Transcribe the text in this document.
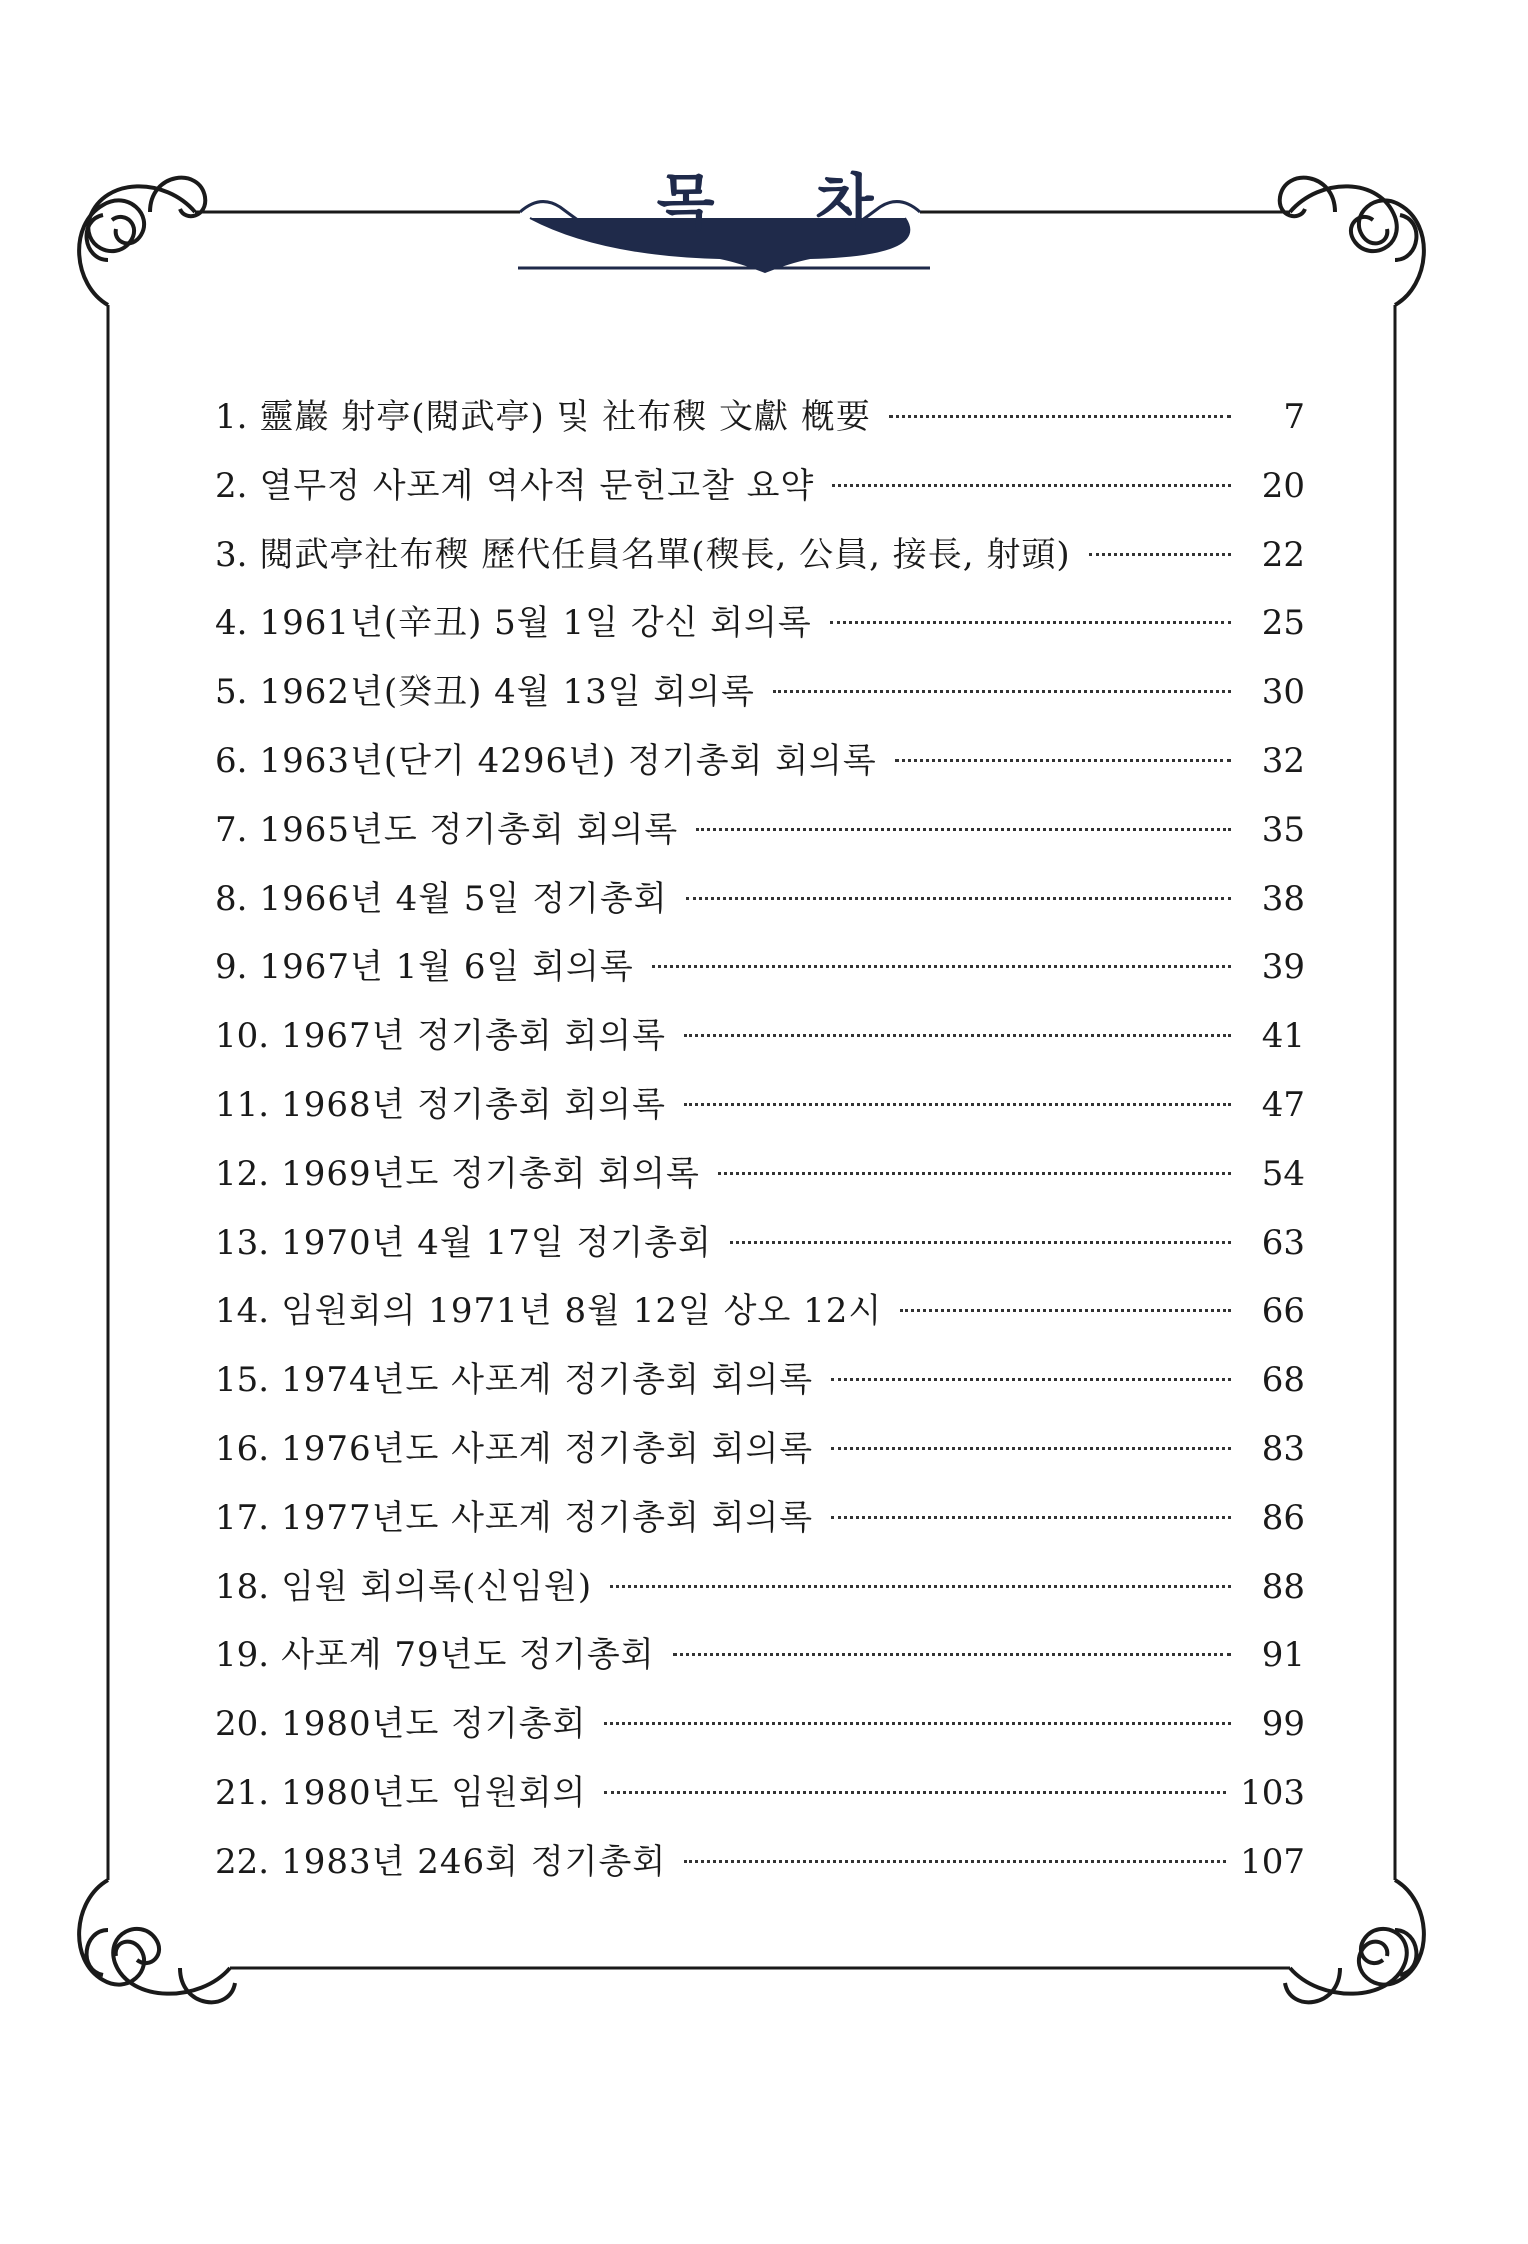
목 차
1. 靈巖 射亭(閱武亭) 및 社布稧 文獻 槪要	7
2. 열무정 사포계 역사적 문헌고찰 요약	20
3. 閱武亭社布稧 歷代任員名單(稧長, 公員, 接長, 射頭)	22
4. 1961년(辛丑) 5월 1일 강신 회의록	25
5. 1962년(癸丑) 4월 13일 회의록	30
6. 1963년(단기 4296년) 정기총회 회의록	32
7. 1965년도 정기총회 회의록	35
8. 1966년 4월 5일 정기총회	38
9. 1967년 1월 6일 회의록	39
10. 1967년 정기총회 회의록	41
11. 1968년 정기총회 회의록	47
12. 1969년도 정기총회 회의록	54
13. 1970년 4월 17일 정기총회	63
14. 임원회의 1971년 8월 12일 상오 12시	66
15. 1974년도 사포계 정기총회 회의록	68
16. 1976년도 사포계 정기총회 회의록	83
17. 1977년도 사포계 정기총회 회의록	86
18. 임원 회의록(신임원)	88
19. 사포계 79년도 정기총회	91
20. 1980년도 정기총회	99
21. 1980년도 임원회의	103
22. 1983년 246회 정기총회	107
